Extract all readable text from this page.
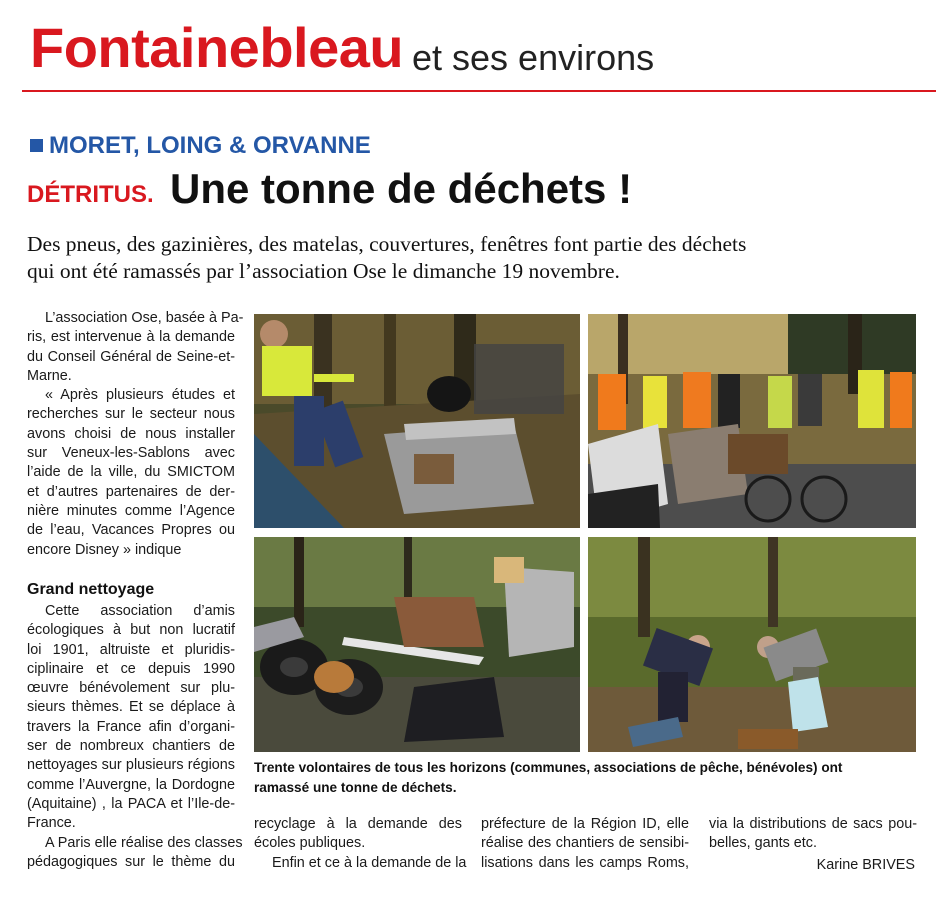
Fontainebleau et ses environs
MORET, LOING & ORVANNE
DÉTRITUS. Une tonne de déchets !

Des pneus, des gazinières, des matelas, couvertures, fenêtres font partie des déchets

qui ont été ramassés par l’association Ose le dimanche 19 novembre.

L’association Ose, basée à Pa-

ris, est intervenue à la demande

du Conseil Général de Seine-et-

Marne.

« Après plusieurs études et

recherches sur le secteur nous

avons choisi de nous installer

sur Veneux-les-Sablons avec

l’aide de la ville, du SMICTOM

et d’autres partenaires de der-

nière minutes comme l’Agence

de l’eau, Vacances Propres ou

encore Disney » indique

Grand nettoyage

Cette association d’amis

écologiques à but non lucratif

loi 1901, altruiste et pluridis-

ciplinaire et ce depuis 1990

œuvre bénévolement sur plu-

sieurs thèmes. Et se déplace à

travers la France afin d’organi-

ser de nombreux chantiers de

nettoyages sur plusieurs régions

comme l’Auvergne, la Dordogne

(Aquitaine) , la PACA et l’Ile-de-

France.

A Paris elle réalise des classes

pédagogiques sur le thème du

Trente volontaires de tous les horizons (communes, associations de pêche, bénévoles) ont

ramassé une tonne de déchets.

recyclage à la demande des

écoles publiques.

Enfin et ce à la demande de la

préfecture de la Région ID, elle

réalise des chantiers de sensibi-

lisations dans les camps Roms,

via la distributions de sacs pou-

belles, gants etc.

Karine BRIVES
